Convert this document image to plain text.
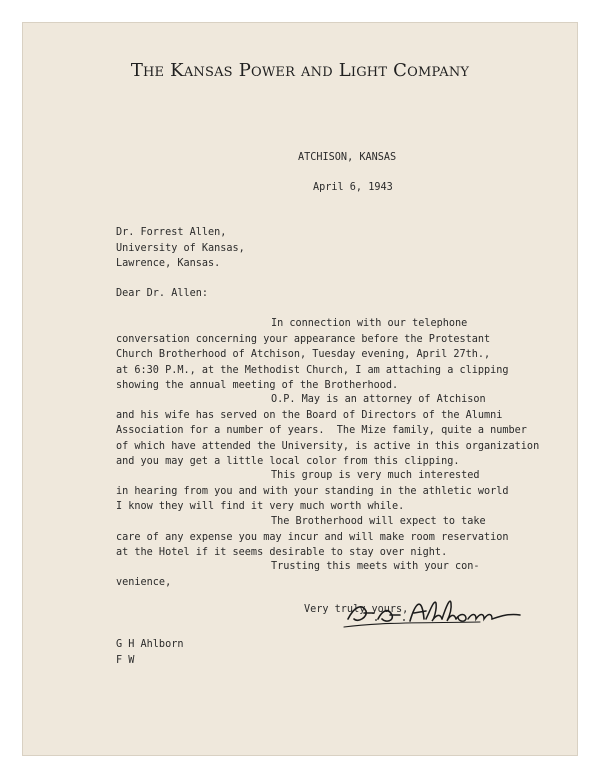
The Kansas Power and Light Company
ATCHISON, KANSAS
April 6, 1943
Dr. Forrest Allen,
University of Kansas,
Lawrence, Kansas.
Dear Dr. Allen:
In connection with our telephone
conversation concerning your appearance before the Protestant
Church Brotherhood of Atchison, Tuesday evening, April 27th.,
at 6:30 P.M., at the Methodist Church, I am attaching a clipping
showing the annual meeting of the Brotherhood.
O.P. May is an attorney of Atchison
and his wife has served on the Board of Directors of the Alumni
Association for a number of years.  The Mize family, quite a number
of which have attended the University, is active in this organization
and you may get a little local color from this clipping.
This group is very much interested
in hearing from you and with your standing in the athletic world
I know they will find it very much worth while.
The Brotherhood will expect to take
care of any expense you may incur and will make room reservation
at the Hotel if it seems desirable to stay over night.
Trusting this meets with your con-
venience,
Very truly yours,
G H Ahlborn
F W
